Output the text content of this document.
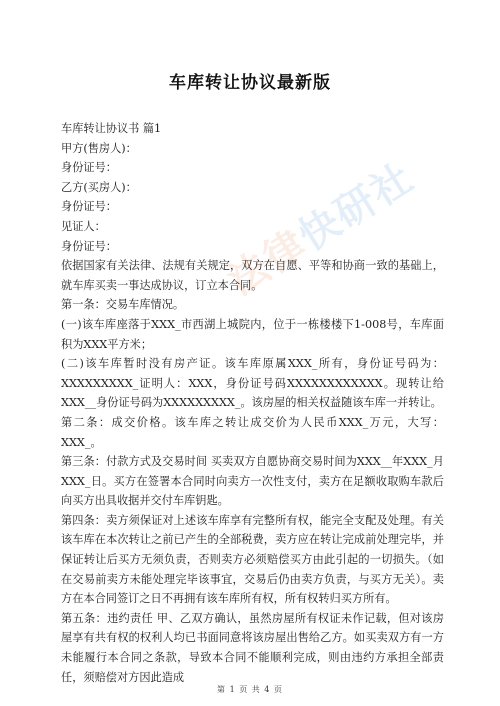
车库转让协议最新版

车库转让协议书 篇1

甲方(售房人)：

身份证号：

乙方(买房人)：

身份证号：

见证人：

身份证号：

依据国家有关法律、法规有关规定，双方在自愿、平等和协商一致的基础上，就车库买卖一事达成协议，订立本合同。

第一条：交易车库情况。

(一)该车库座落于XXX_市西湖上城院内，位于一栋楼楼下1-008号，车库面积为XXX平方米；

(二)该车库暂时没有房产证。该车库原属XXX_所有，身份证号码为：XXXXXXXXX_证明人：XXX，身份证号码XXXXXXXXXXXX。现转让给XXX__身份证号码为XXXXXXXXX_。该房屋的相关权益随该车库一并转让。

第二条：成交价格。该车库之转让成交价为人民币XXX_万元，大写：XXX_。

第三条：付款方式及交易时间 买卖双方自愿协商交易时间为XXX__年XXX_月XXX_日。买方在签署本合同时向卖方一次性支付，卖方在足额收取购车款后向买方出具收据并交付车库钥匙。

第四条：卖方须保证对上述该车库享有完整所有权，能完全支配及处理。有关该车库在本次转让之前已产生的全部税费，卖方应在转让完成前处理完毕，并保证转让后买方无须负责，否则卖方必须赔偿买方由此引起的一切损失。（如在交易前卖方未能处理完毕该事宜，交易后仍由卖方负责，与买方无关）。卖方在本合同签订之日不再拥有该车库所有权，所有权转归买方所有。

第五条：违约责任 甲、乙双方确认，虽然房屋所有权证未作记载，但对该房屋享有共有权的权利人均已书面同意将该房屋出售给乙方。如买卖双方有一方未能履行本合同之条款，导致本合同不能顺利完成，则由违约方承担全部责任，须赔偿对方因此造成

法律快研社
第 1 页 共 4 页
